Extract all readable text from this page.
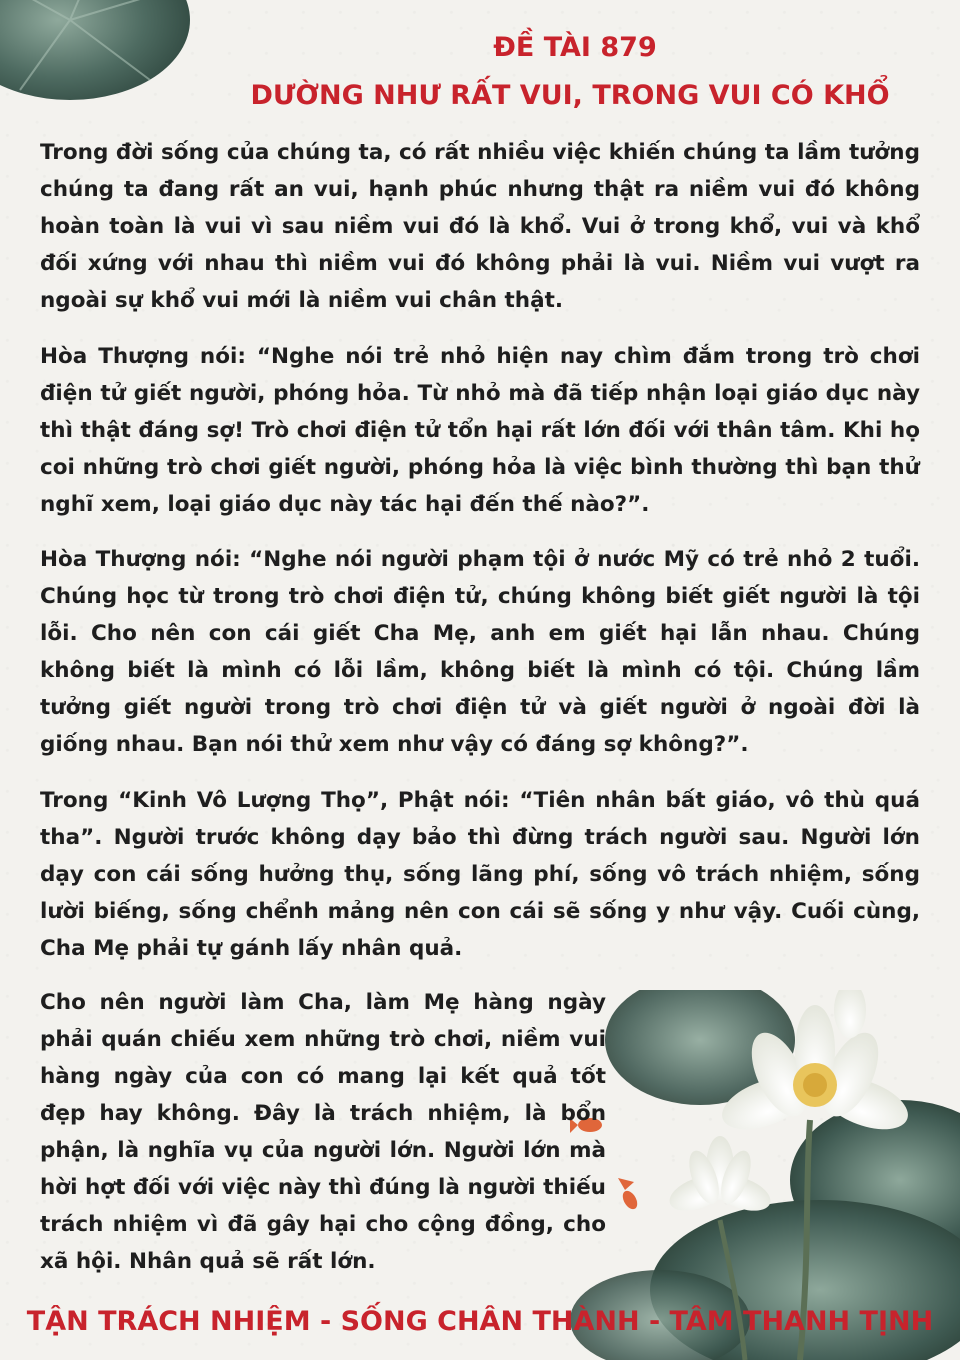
ĐỀ TÀI 879
DƯỜNG NHƯ RẤT VUI, TRONG VUI CÓ KHỔ

Trong đời sống của chúng ta, có rất nhiều việc khiến chúng ta lầm tưởng chúng ta đang rất an vui, hạnh phúc nhưng thật ra niềm vui đó không hoàn toàn là vui vì sau niềm vui đó là khổ. Vui ở trong khổ, vui và khổ đối xứng với nhau thì niềm vui đó không phải là vui. Niềm vui vượt ra ngoài sự khổ vui mới là niềm vui chân thật.

Hòa Thượng nói: “Nghe nói trẻ nhỏ hiện nay chìm đắm trong trò chơi điện tử giết người, phóng hỏa. Từ nhỏ mà đã tiếp nhận loại giáo dục này thì thật đáng sợ! Trò chơi điện tử tổn hại rất lớn đối với thân tâm. Khi họ coi những trò chơi giết người, phóng hỏa là việc bình thường thì bạn thử nghĩ xem, loại giáo dục này tác hại đến thế nào?”.

Hòa Thượng nói: “Nghe nói người phạm tội ở nước Mỹ có trẻ nhỏ 2 tuổi. Chúng học từ trong trò chơi điện tử, chúng không biết giết người là tội lỗi. Cho nên con cái giết Cha Mẹ, anh em giết hại lẫn nhau. Chúng không biết là mình có lỗi lầm, không biết là mình có tội. Chúng lầm tưởng giết người trong trò chơi điện tử và giết người ở ngoài đời là giống nhau. Bạn nói thử xem như vậy có đáng sợ không?”.

Trong “Kinh Vô Lượng Thọ”, Phật nói: “Tiên nhân bất giáo, vô thù quá tha”. Người trước không dạy bảo thì đừng trách người sau. Người lớn dạy con cái sống hưởng thụ, sống lãng phí, sống vô trách nhiệm, sống lười biếng, sống chểnh mảng nên con cái sẽ sống y như vậy. Cuối cùng, Cha Mẹ phải tự gánh lấy nhân quả.

Cho nên người làm Cha, làm Mẹ hàng ngày phải quán chiếu xem những trò chơi, niềm vui hàng ngày của con có mang lại kết quả tốt đẹp hay không. Đây là trách nhiệm, là bổn phận, là nghĩa vụ của người lớn. Người lớn mà hời hợt đối với việc này thì đúng là người thiếu trách nhiệm vì đã gây hại cho cộng đồng, cho xã hội. Nhân quả sẽ rất lớn.

TẬN TRÁCH NHIỆM - SỐNG CHÂN THÀNH - TÂM THANH TỊNH
